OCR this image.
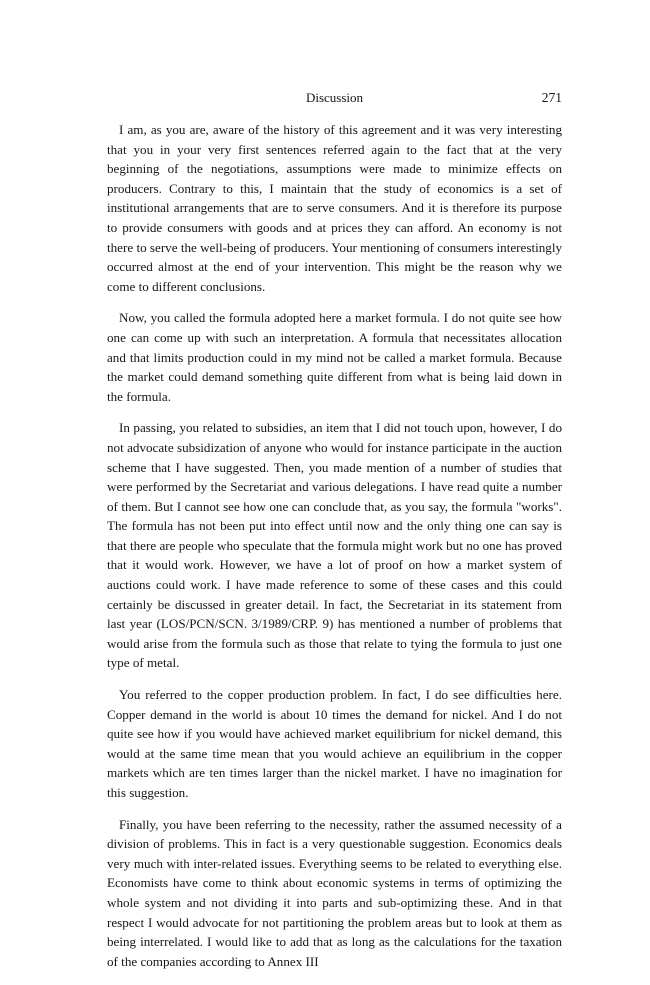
Discussion	271

I am, as you are, aware of the history of this agreement and it was very interesting that you in your very first sentences referred again to the fact that at the very beginning of the negotiations, assumptions were made to minimize effects on producers. Contrary to this, I maintain that the study of economics is a set of institutional arrangements that are to serve consumers. And it is therefore its purpose to provide consumers with goods and at prices they can afford. An economy is not there to serve the well-being of producers. Your mentioning of consumers interestingly occurred almost at the end of your intervention. This might be the reason why we come to different conclusions.

Now, you called the formula adopted here a market formula. I do not quite see how one can come up with such an interpretation. A formula that necessitates allocation and that limits production could in my mind not be called a market formula. Because the market could demand something quite different from what is being laid down in the formula.

In passing, you related to subsidies, an item that I did not touch upon, however, I do not advocate subsidization of anyone who would for instance participate in the auction scheme that I have suggested. Then, you made mention of a number of studies that were performed by the Secretariat and various delegations. I have read quite a number of them. But I cannot see how one can conclude that, as you say, the formula "works". The formula has not been put into effect until now and the only thing one can say is that there are people who speculate that the formula might work but no one has proved that it would work. However, we have a lot of proof on how a market system of auctions could work. I have made reference to some of these cases and this could certainly be discussed in greater detail. In fact, the Secretariat in its statement from last year (LOS/PCN/SCN. 3/1989/CRP. 9) has mentioned a number of problems that would arise from the formula such as those that relate to tying the formula to just one type of metal.

You referred to the copper production problem. In fact, I do see difficulties here. Copper demand in the world is about 10 times the demand for nickel. And I do not quite see how if you would have achieved market equilibrium for nickel demand, this would at the same time mean that you would achieve an equilibrium in the copper markets which are ten times larger than the nickel market. I have no imagination for this suggestion.

Finally, you have been referring to the necessity, rather the assumed necessity of a division of problems. This in fact is a very questionable suggestion. Economics deals very much with inter-related issues. Everything seems to be related to everything else. Economists have come to think about economic systems in terms of optimizing the whole system and not dividing it into parts and sub-optimizing these. And in that respect I would advocate for not partitioning the problem areas but to look at them as being interrelated. I would like to add that as long as the calculations for the taxation of the companies according to Annex III
